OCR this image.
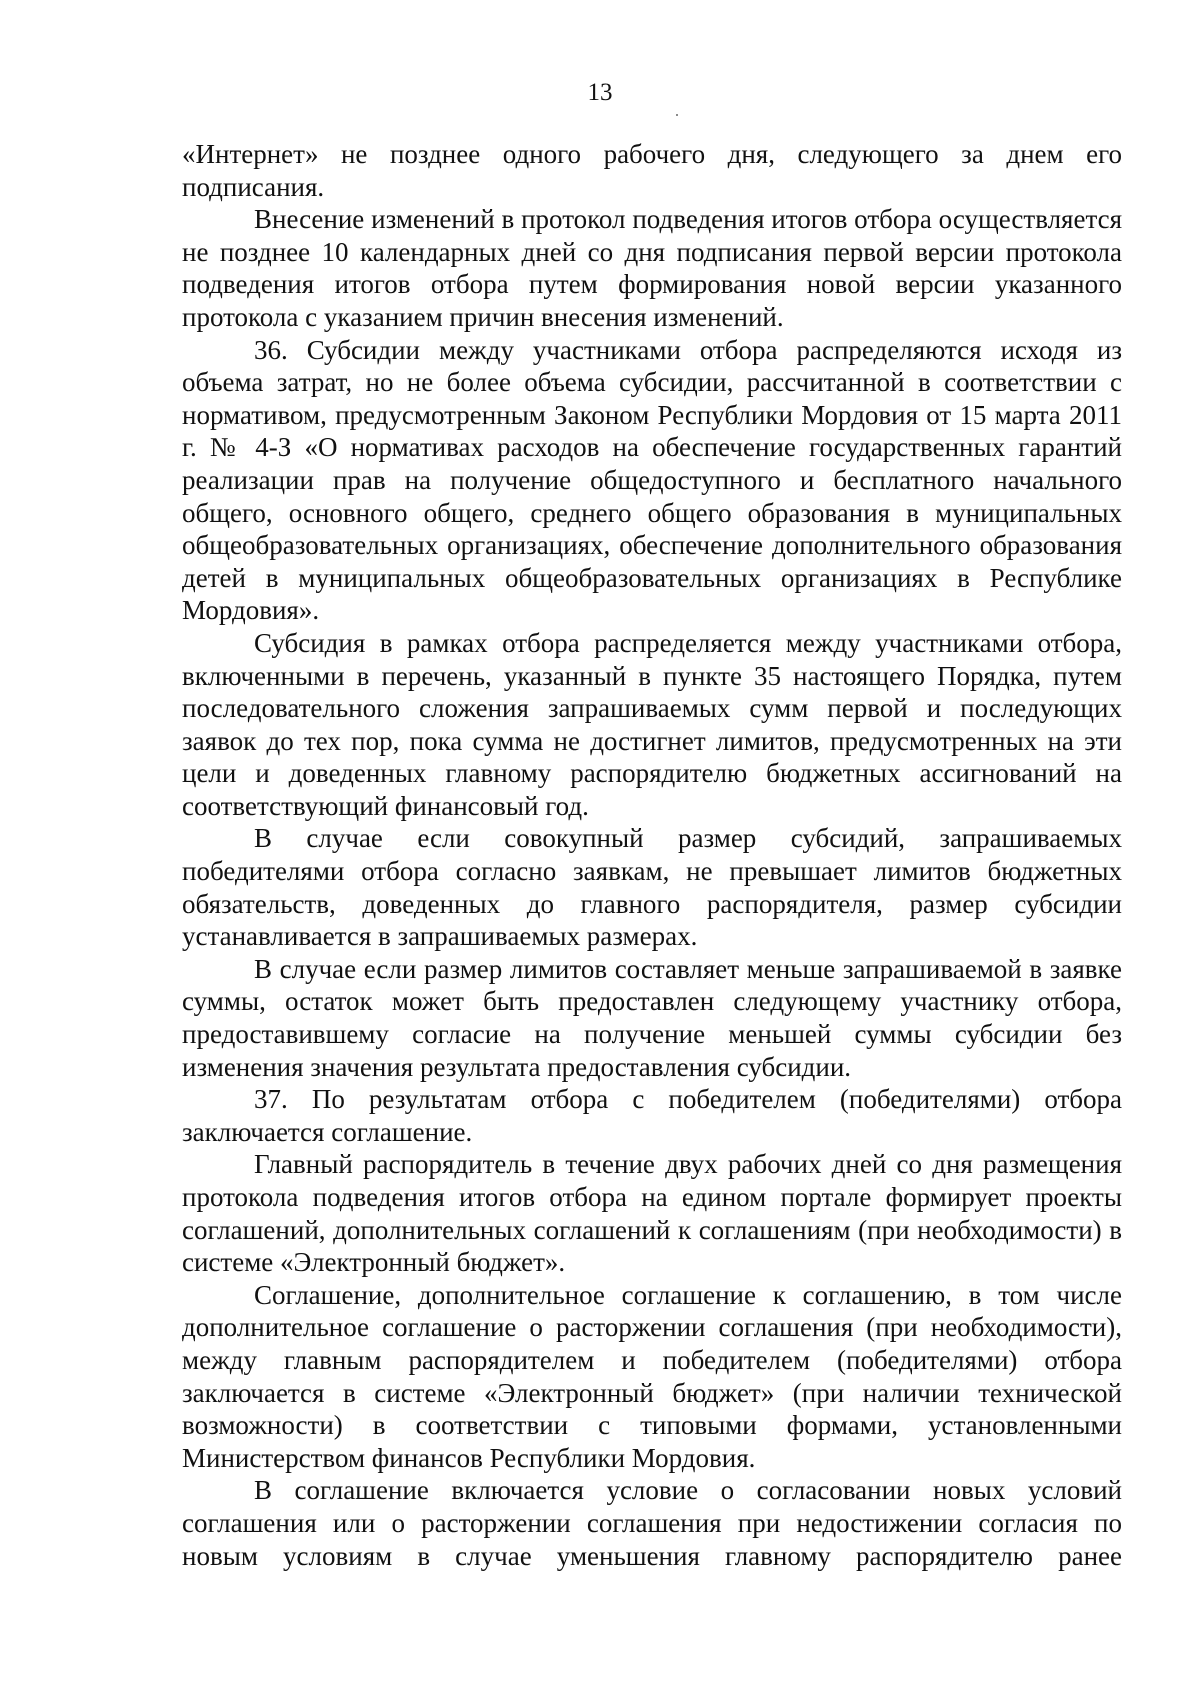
13

«Интернет» не позднее одного рабочего дня, следующего за днем его подписания.

Внесение изменений в протокол подведения итогов отбора осуществляется не позднее 10 календарных дней со дня подписания первой версии протокола подведения итогов отбора путем формирования новой версии указанного протокола с указанием причин внесения изменений.

36. Субсидии между участниками отбора распределяются исходя из объема затрат, но не более объема субсидии, рассчитанной в соответствии с нормативом, предусмотренным Законом Республики Мордовия от 15 марта 2011 г. № 4-З «О нормативах расходов на обеспечение государственных гарантий реализации прав на получение общедоступного и бесплатного начального общего, основного общего, среднего общего образования в муниципальных общеобразовательных организациях, обеспечение дополнительного образования детей в муниципальных общеобразовательных организациях в Республике Мордовия».

Субсидия в рамках отбора распределяется между участниками отбора, включенными в перечень, указанный в пункте 35 настоящего Порядка, путем последовательного сложения запрашиваемых сумм первой и последующих заявок до тех пор, пока сумма не достигнет лимитов, предусмотренных на эти цели и доведенных главному распорядителю бюджетных ассигнований на соответствующий финансовый год.

В случае если совокупный размер субсидий, запрашиваемых победителями отбора согласно заявкам, не превышает лимитов бюджетных обязательств, доведенных до главного распорядителя, размер субсидии устанавливается в запрашиваемых размерах.

В случае если размер лимитов составляет меньше запрашиваемой в заявке суммы, остаток может быть предоставлен следующему участнику отбора, предоставившему согласие на получение меньшей суммы субсидии без изменения значения результата предоставления субсидии.

37. По результатам отбора с победителем (победителями) отбора заключается соглашение.

Главный распорядитель в течение двух рабочих дней со дня размещения протокола подведения итогов отбора на едином портале формирует проекты соглашений, дополнительных соглашений к соглашениям (при необходимости) в системе «Электронный бюджет».

Соглашение, дополнительное соглашение к соглашению, в том числе дополнительное соглашение о расторжении соглашения (при необходимости), между главным распорядителем и победителем (победителями) отбора заключается в системе «Электронный бюджет» (при наличии технической возможности) в соответствии с типовыми формами, установленными Министерством финансов Республики Мордовия.

В соглашение включается условие о согласовании новых условий соглашения или о расторжении соглашения при недостижении согласия по новым условиям в случае уменьшения главному распорядителю ранее
